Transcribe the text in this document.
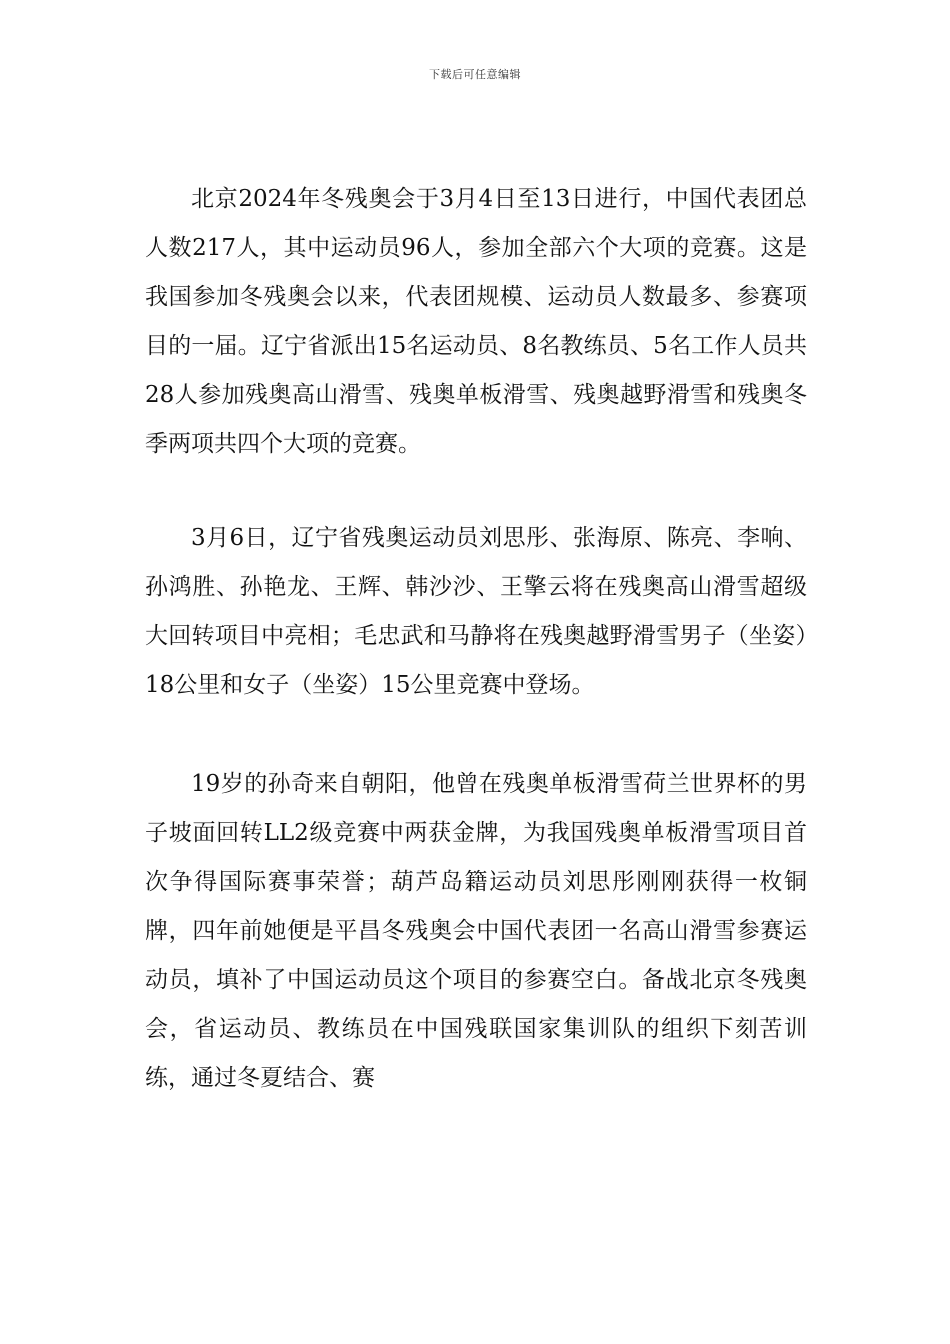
下载后可任意编辑

北京2024年冬残奥会于3月4日至13日进行，中国代表团总人数217人，其中运动员96人，参加全部六个大项的竞赛。这是我国参加冬残奥会以来，代表团规模、运动员人数最多、参赛项目的一届。辽宁省派出15名运动员、8名教练员、5名工作人员共28人参加残奥高山滑雪、残奥单板滑雪、残奥越野滑雪和残奥冬季两项共四个大项的竞赛。

3月6日，辽宁省残奥运动员刘思彤、张海原、陈亮、李响、孙鸿胜、孙艳龙、王辉、韩沙沙、王擎云将在残奥高山滑雪超级大回转项目中亮相；毛忠武和马静将在残奥越野滑雪男子（坐姿）18公里和女子（坐姿）15公里竞赛中登场。

19岁的孙奇来自朝阳，他曾在残奥单板滑雪荷兰世界杯的男子坡面回转LL2级竞赛中两获金牌，为我国残奥单板滑雪项目首次争得国际赛事荣誉；葫芦岛籍运动员刘思彤刚刚获得一枚铜牌，四年前她便是平昌冬残奥会中国代表团一名高山滑雪参赛运动员，填补了中国运动员这个项目的参赛空白。备战北京冬残奥会，省运动员、教练员在中国残联国家集训队的组织下刻苦训练，通过冬夏结合、赛
